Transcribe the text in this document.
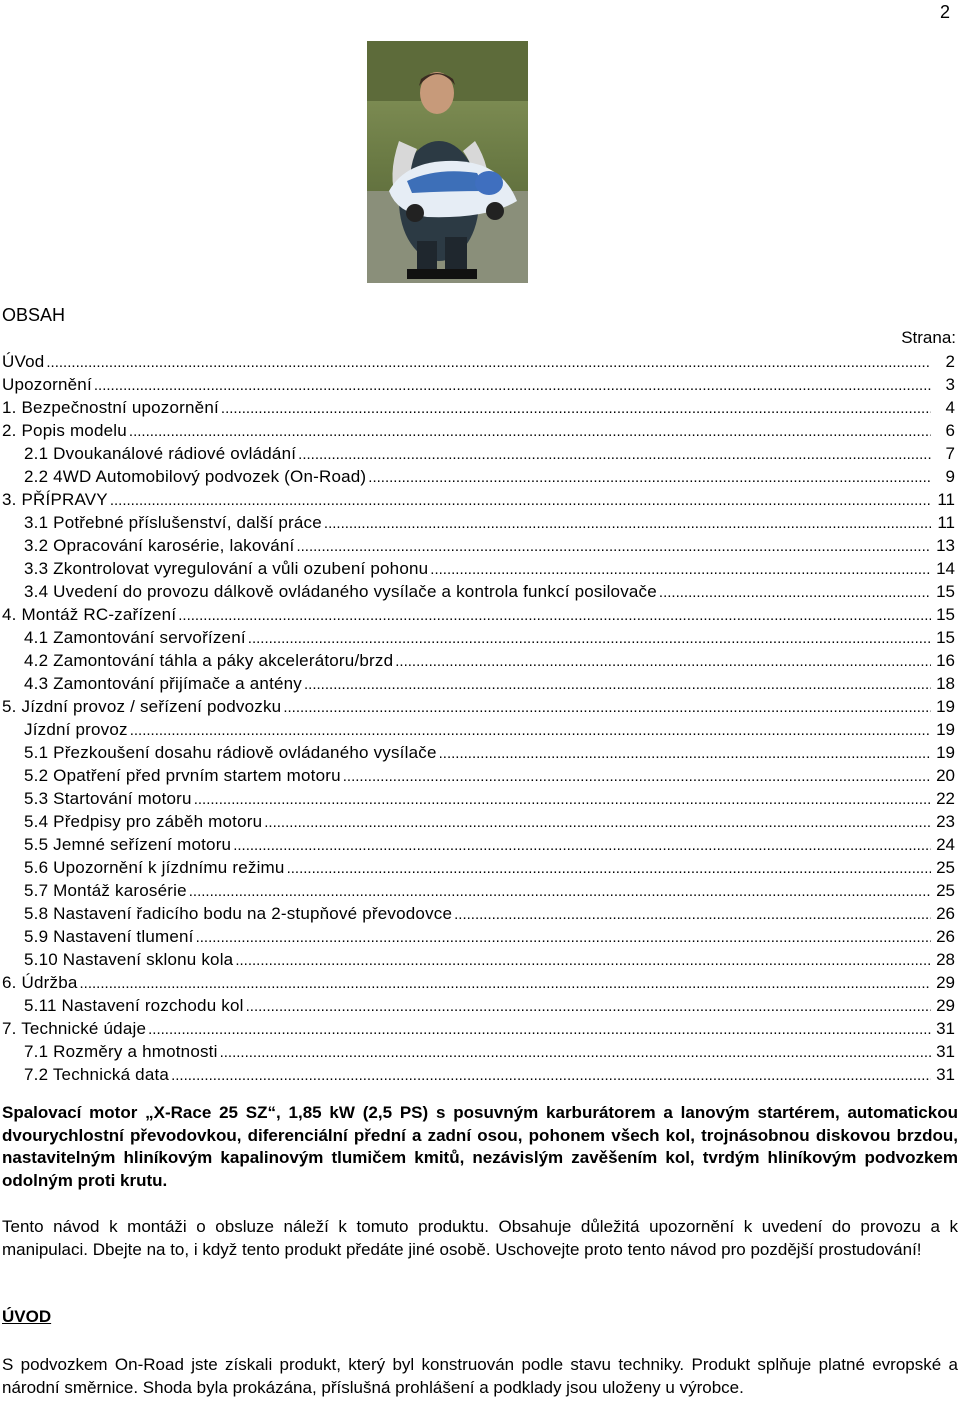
2
OBSAH
Strana:
ÚVod .....	2
Upozornění .....	3
1. Bezpečnostní upozornění .....	4
2. Popis modelu .....	6
2.1 Dvoukanálové rádiové ovládání .....	7
2.2 4WD Automobilový podvozek (On-Road) .....	9
3. PŘÍPRAVY .....	11
3.1 Potřebné příslušenství, další práce .....	11
3.2 Opracování karosérie, lakování .....	13
3.3 Zkontrolovat vyregulování a vůli ozubení pohonu .....	14
3.4 Uvedení do provozu dálkově ovládaného vysílače a kontrola funkcí posilovače .....	15
4. Montáž RC-zařízení .....	15
4.1 Zamontování servořízení .....	15
4.2 Zamontování táhla a páky akcelerátoru/brzd .....	16
4.3 Zamontování přijímače a antény .....	18
5. Jízdní provoz / seřízení podvozku .....	19
Jízdní provoz .....	19
5.1 Přezkoušení dosahu rádiově ovládaného vysílače .....	19
5.2 Opatření před prvním startem motoru .....	20
5.3 Startování motoru .....	22
5.4 Předpisy pro záběh motoru .....	23
5.5 Jemné seřízení motoru .....	24
5.6 Upozornění k jízdnímu režimu .....	25
5.7 Montáž karosérie .....	25
5.8 Nastavení řadicího bodu na 2-stupňové převodovce .....	26
5.9 Nastavení tlumení .....	26
5.10 Nastavení sklonu kola .....	28
6. Údržba .....	29
5.11 Nastavení rozchodu kol .....	29
7. Technické údaje .....	31
7.1 Rozměry a hmotnosti .....	31
7.2 Technická data .....	31

Spalovací motor „X-Race 25 SZ“, 1,85 kW (2,5 PS) s posuvným karburátorem a lanovým startérem, automatickou dvourychlostní převodovkou, diferenciální přední a zadní osou, pohonem všech kol, trojnásobnou diskovou brzdou, nastavitelným hliníkovým kapalinovým tlumičem kmitů, nezávislým zavěšením kol, tvrdým hliníkovým podvozkem odolným proti krutu.

Tento návod k montáži o obsluze náleží k tomuto produktu. Obsahuje důležitá upozornění k uvedení do provozu a k manipulaci. Dbejte na to, i když tento produkt předáte jiné osobě. Uschovejte proto tento návod pro pozdější prostudování!

ÚVOD

S podvozkem On-Road jste získali produkt, který byl konstruován podle stavu techniky. Produkt splňuje platné evropské a národní směrnice. Shoda byla prokázána, příslušná prohlášení a podklady jsou uloženy u výrobce.
